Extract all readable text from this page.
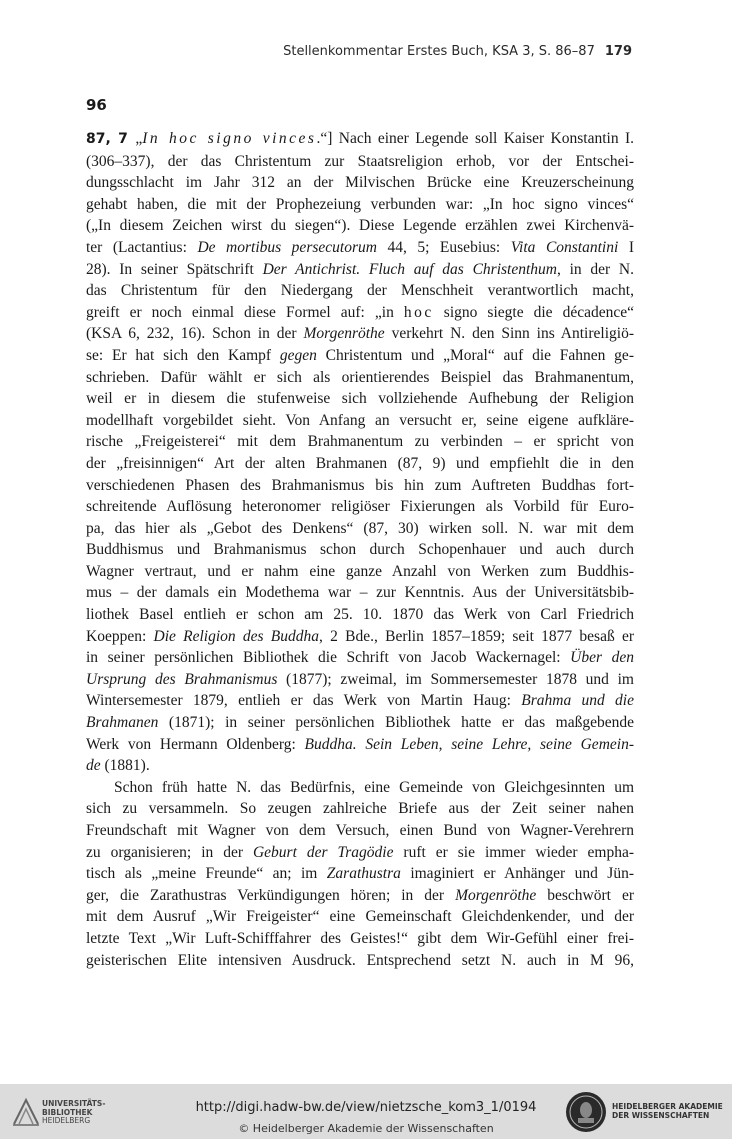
Stellenkommentar Erstes Buch, KSA 3, S. 86–87 179
96
87, 7 „In hoc signo vinces.“] Nach einer Legende soll Kaiser Konstantin I.
(306–337), der das Christentum zur Staatsreligion erhob, vor der Entschei-
dungsschlacht im Jahr 312 an der Milvischen Brücke eine Kreuzerscheinung
gehabt haben, die mit der Prophezeiung verbunden war: „In hoc signo vinces“
(„In diesem Zeichen wirst du siegen“). Diese Legende erzählen zwei Kirchenvä-
ter (Lactantius: De mortibus persecutorum 44, 5; Eusebius: Vita Constantini I
28). In seiner Spätschrift Der Antichrist. Fluch auf das Christenthum, in der N.
das Christentum für den Niedergang der Menschheit verantwortlich macht,
greift er noch einmal diese Formel auf: „in hoc signo siegte die décadence“
(KSA 6, 232, 16). Schon in der Morgenröthe verkehrt N. den Sinn ins Antireligiö-
se: Er hat sich den Kampf gegen Christentum und „Moral“ auf die Fahnen ge-
schrieben. Dafür wählt er sich als orientierendes Beispiel das Brahmanentum,
weil er in diesem die stufenweise sich vollziehende Aufhebung der Religion
modellhaft vorgebildet sieht. Von Anfang an versucht er, seine eigene aufkläre-
rische „Freigeisterei“ mit dem Brahmanentum zu verbinden – er spricht von
der „freisinnigen“ Art der alten Brahmanen (87, 9) und empfiehlt die in den
verschiedenen Phasen des Brahmanismus bis hin zum Auftreten Buddhas fort-
schreitende Auflösung heteronomer religiöser Fixierungen als Vorbild für Euro-
pa, das hier als „Gebot des Denkens“ (87, 30) wirken soll. N. war mit dem
Buddhismus und Brahmanismus schon durch Schopenhauer und auch durch
Wagner vertraut, und er nahm eine ganze Anzahl von Werken zum Buddhis-
mus – der damals ein Modethema war – zur Kenntnis. Aus der Universitätsbib-
liothek Basel entlieh er schon am 25. 10. 1870 das Werk von Carl Friedrich
Koeppen: Die Religion des Buddha, 2 Bde., Berlin 1857–1859; seit 1877 besaß er
in seiner persönlichen Bibliothek die Schrift von Jacob Wackernagel: Über den
Ursprung des Brahmanismus (1877); zweimal, im Sommersemester 1878 und im
Wintersemester 1879, entlieh er das Werk von Martin Haug: Brahma und die
Brahmanen (1871); in seiner persönlichen Bibliothek hatte er das maßgebende
Werk von Hermann Oldenberg: Buddha. Sein Leben, seine Lehre, seine Gemein-
de (1881).
Schon früh hatte N. das Bedürfnis, eine Gemeinde von Gleichgesinnten um
sich zu versammeln. So zeugen zahlreiche Briefe aus der Zeit seiner nahen
Freundschaft mit Wagner von dem Versuch, einen Bund von Wagner-Verehrern
zu organisieren; in der Geburt der Tragödie ruft er sie immer wieder empha-
tisch als „meine Freunde“ an; im Zarathustra imaginiert er Anhänger und Jün-
ger, die Zarathustras Verkündigungen hören; in der Morgenröthe beschwört er
mit dem Ausruf „Wir Freigeister“ eine Gemeinschaft Gleichdenkender, und der
letzte Text „Wir Luft-Schifffahrer des Geistes!“ gibt dem Wir-Gefühl einer frei-
geisterischen Elite intensiven Ausdruck. Entsprechend setzt N. auch in M 96,
UNIVERSITÄTS-
BIBLIOTHEK
HEIDELBERG
http://digi.hadw-bw.de/view/nietzsche_kom3_1/0194
© Heidelberger Akademie der Wissenschaften
HEIDELBERGER AKADEMIE
DER WISSENSCHAFTEN
